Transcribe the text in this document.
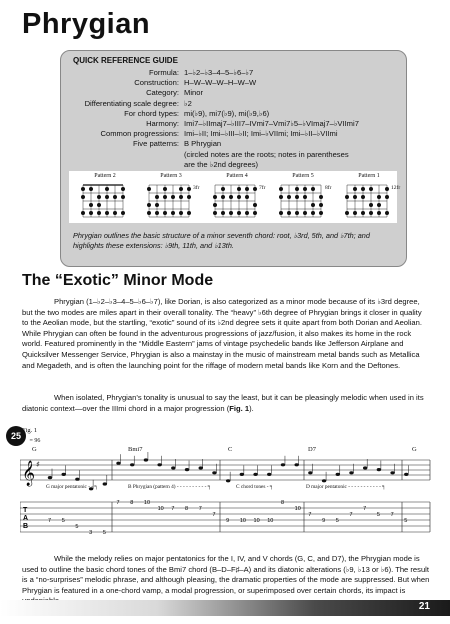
Phrygian
QUICK REFERENCE GUIDE
Formula: 1–♭2–♭3–4–5–♭6–♭7
Construction: H–W–W–W–H–W–W
Category: Minor
Differentiating scale degree: ♭2
For chord types: mi(♭9), mi7(♭9), mi(♭9,♭6)
Harmony: Imi7–♭IImaj7–♭III7–IVmi7–Vmi7♭5–♭VImaj7–♭VIImi7
Common progressions: Imi–♭II; Imi–♭III–♭II; Imi–♭VIImi; Imi–♭II–♭VIImi
Five patterns: B Phrygian
(circled notes are the roots; notes in parentheses
are the ♭2nd degrees)
Pattern 2	Pattern 3
3fr
Pattern 4
7fr
Pattern 5
8fr
Pattern 1
12fr
Phrygian outlines the basic structure of a minor seventh chord: root, ♭3rd, 5th, and ♭7th; and highlights these extensions: ♭9th, 11th, and ♭13th.
The “Exotic” Minor Mode
Phrygian (1–♭2–♭3–4–5–♭6–♭7), like Dorian, is also categorized as a minor mode because of its ♭3rd degree, but the two modes are miles apart in their overall tonality. The “heavy” ♭6th degree of Phrygian brings it closer in quality to the Aeolian mode, but the startling, “exotic” sound of its ♭2nd degree sets it quite apart from both Dorian and Aeolian. While Phrygian can often be found in the adventurous progressions of jazz/fusion, it also makes its home in the rock world. Featured prominently in the “Middle Eastern” jams of vintage psychedelic bands like Jefferson Airplane and Quicksilver Messenger Service, Phrygian is also a mainstay in the music of mainstream metal bands such as Metallica and Megadeth, and is often the launching point for the riffage of modern metal bands like Korn and the Deftones.
When isolated, Phrygian’s tonality is unusual to say the least, but it can be pleasingly melodic when used in its diatonic context—over the IIImi chord in a major progression (Fig. 1).
25
Fig. 1
♩ = 96
G	Bmi7	C	D7	G
𝄞 ♯
T
A
B
7 5
5
3 5
7 8 10
10 7 8 7
7
9 10 10 10
8
10
7
9 5
7
7
5 7
5
G major pentatonic - - ╕	B Phrygian (pattern 4) - - - - - - - - - - ╕	C chord tones - ╕	D major pentatonic - - - - - - - - - - - ╕
While the melody relies on major pentatonics for the I, IV, and V chords (G, C, and D7), the Phrygian mode is used to outline the basic chord tones of the Bmi7 chord (B–D–F♯–A) and its diatonic alterations (♭9, ♭13 or ♭6). The result is a “no-surprises” melodic phrase, and although pleasing, the dramatic properties of the mode are suppressed. But when Phrygian is featured in a one-chord vamp, a modal progression, or superimposed over certain chords, its impact is
21
